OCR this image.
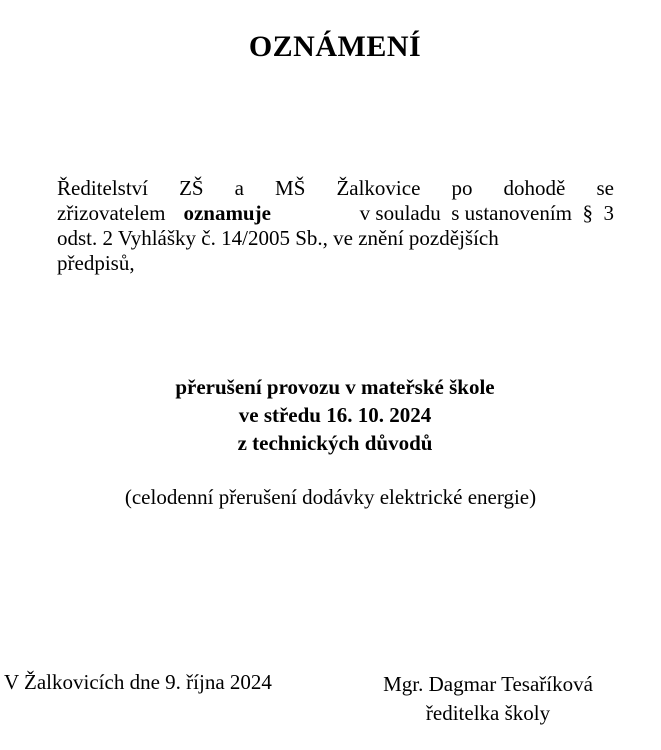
OZNÁMENÍ
Ředitelství ZŠ a MŠ Žalkovice po dohodě se
zřizovatelem oznamuje	v souladu  s ustanovením  §  3
odst. 2 Vyhlášky č. 14/2005 Sb., ve znění pozdějších
předpisů,
přerušení provozu v mateřské škole
ve středu 16. 10. 2024
z technických důvodů
(celodenní přerušení dodávky elektrické energie)
V Žalkovicích dne 9. října 2024	Mgr. Dagmar Tesaříková
ředitelka školy
